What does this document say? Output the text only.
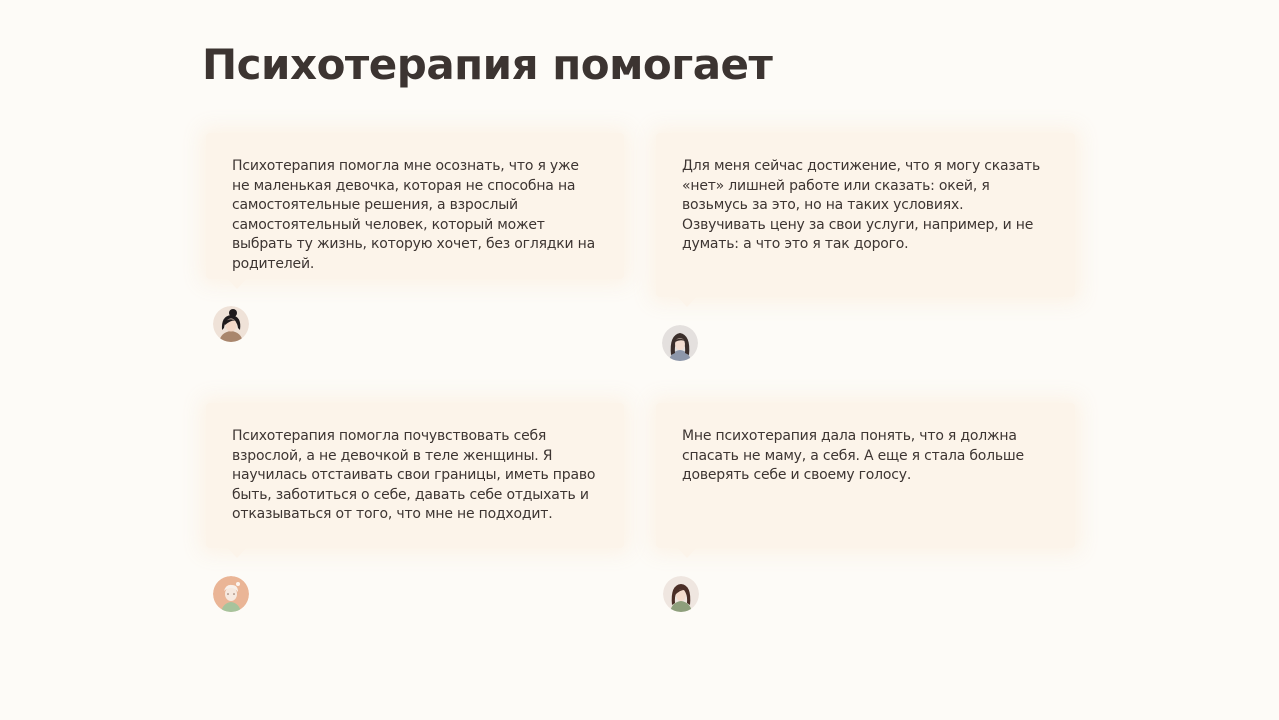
Психотерапия помогает

Психотерапия помогла мне осознать, что я уже не маленькая девочка, которая не способна на самостоятельные решения, а взрослый самостоятельный человек, который может выбрать ту жизнь, которую хочет, без оглядки на родителей.

Для меня сейчас достижение, что я могу сказать «нет» лишней работе или сказать: окей, я возьмусь за это, но на таких условиях. Озвучивать цену за свои услуги, например, и не думать: а что это я так дорого.

Психотерапия помогла почувствовать себя взрослой, а не девочкой в теле женщины. Я научилась отстаивать свои границы, иметь право быть, заботиться о себе, давать себе отдыхать и отказываться от того, что мне не подходит.

Мне психотерапия дала понять, что я должна спасать не маму, а себя. А еще я стала больше доверять себе и своему голосу.
